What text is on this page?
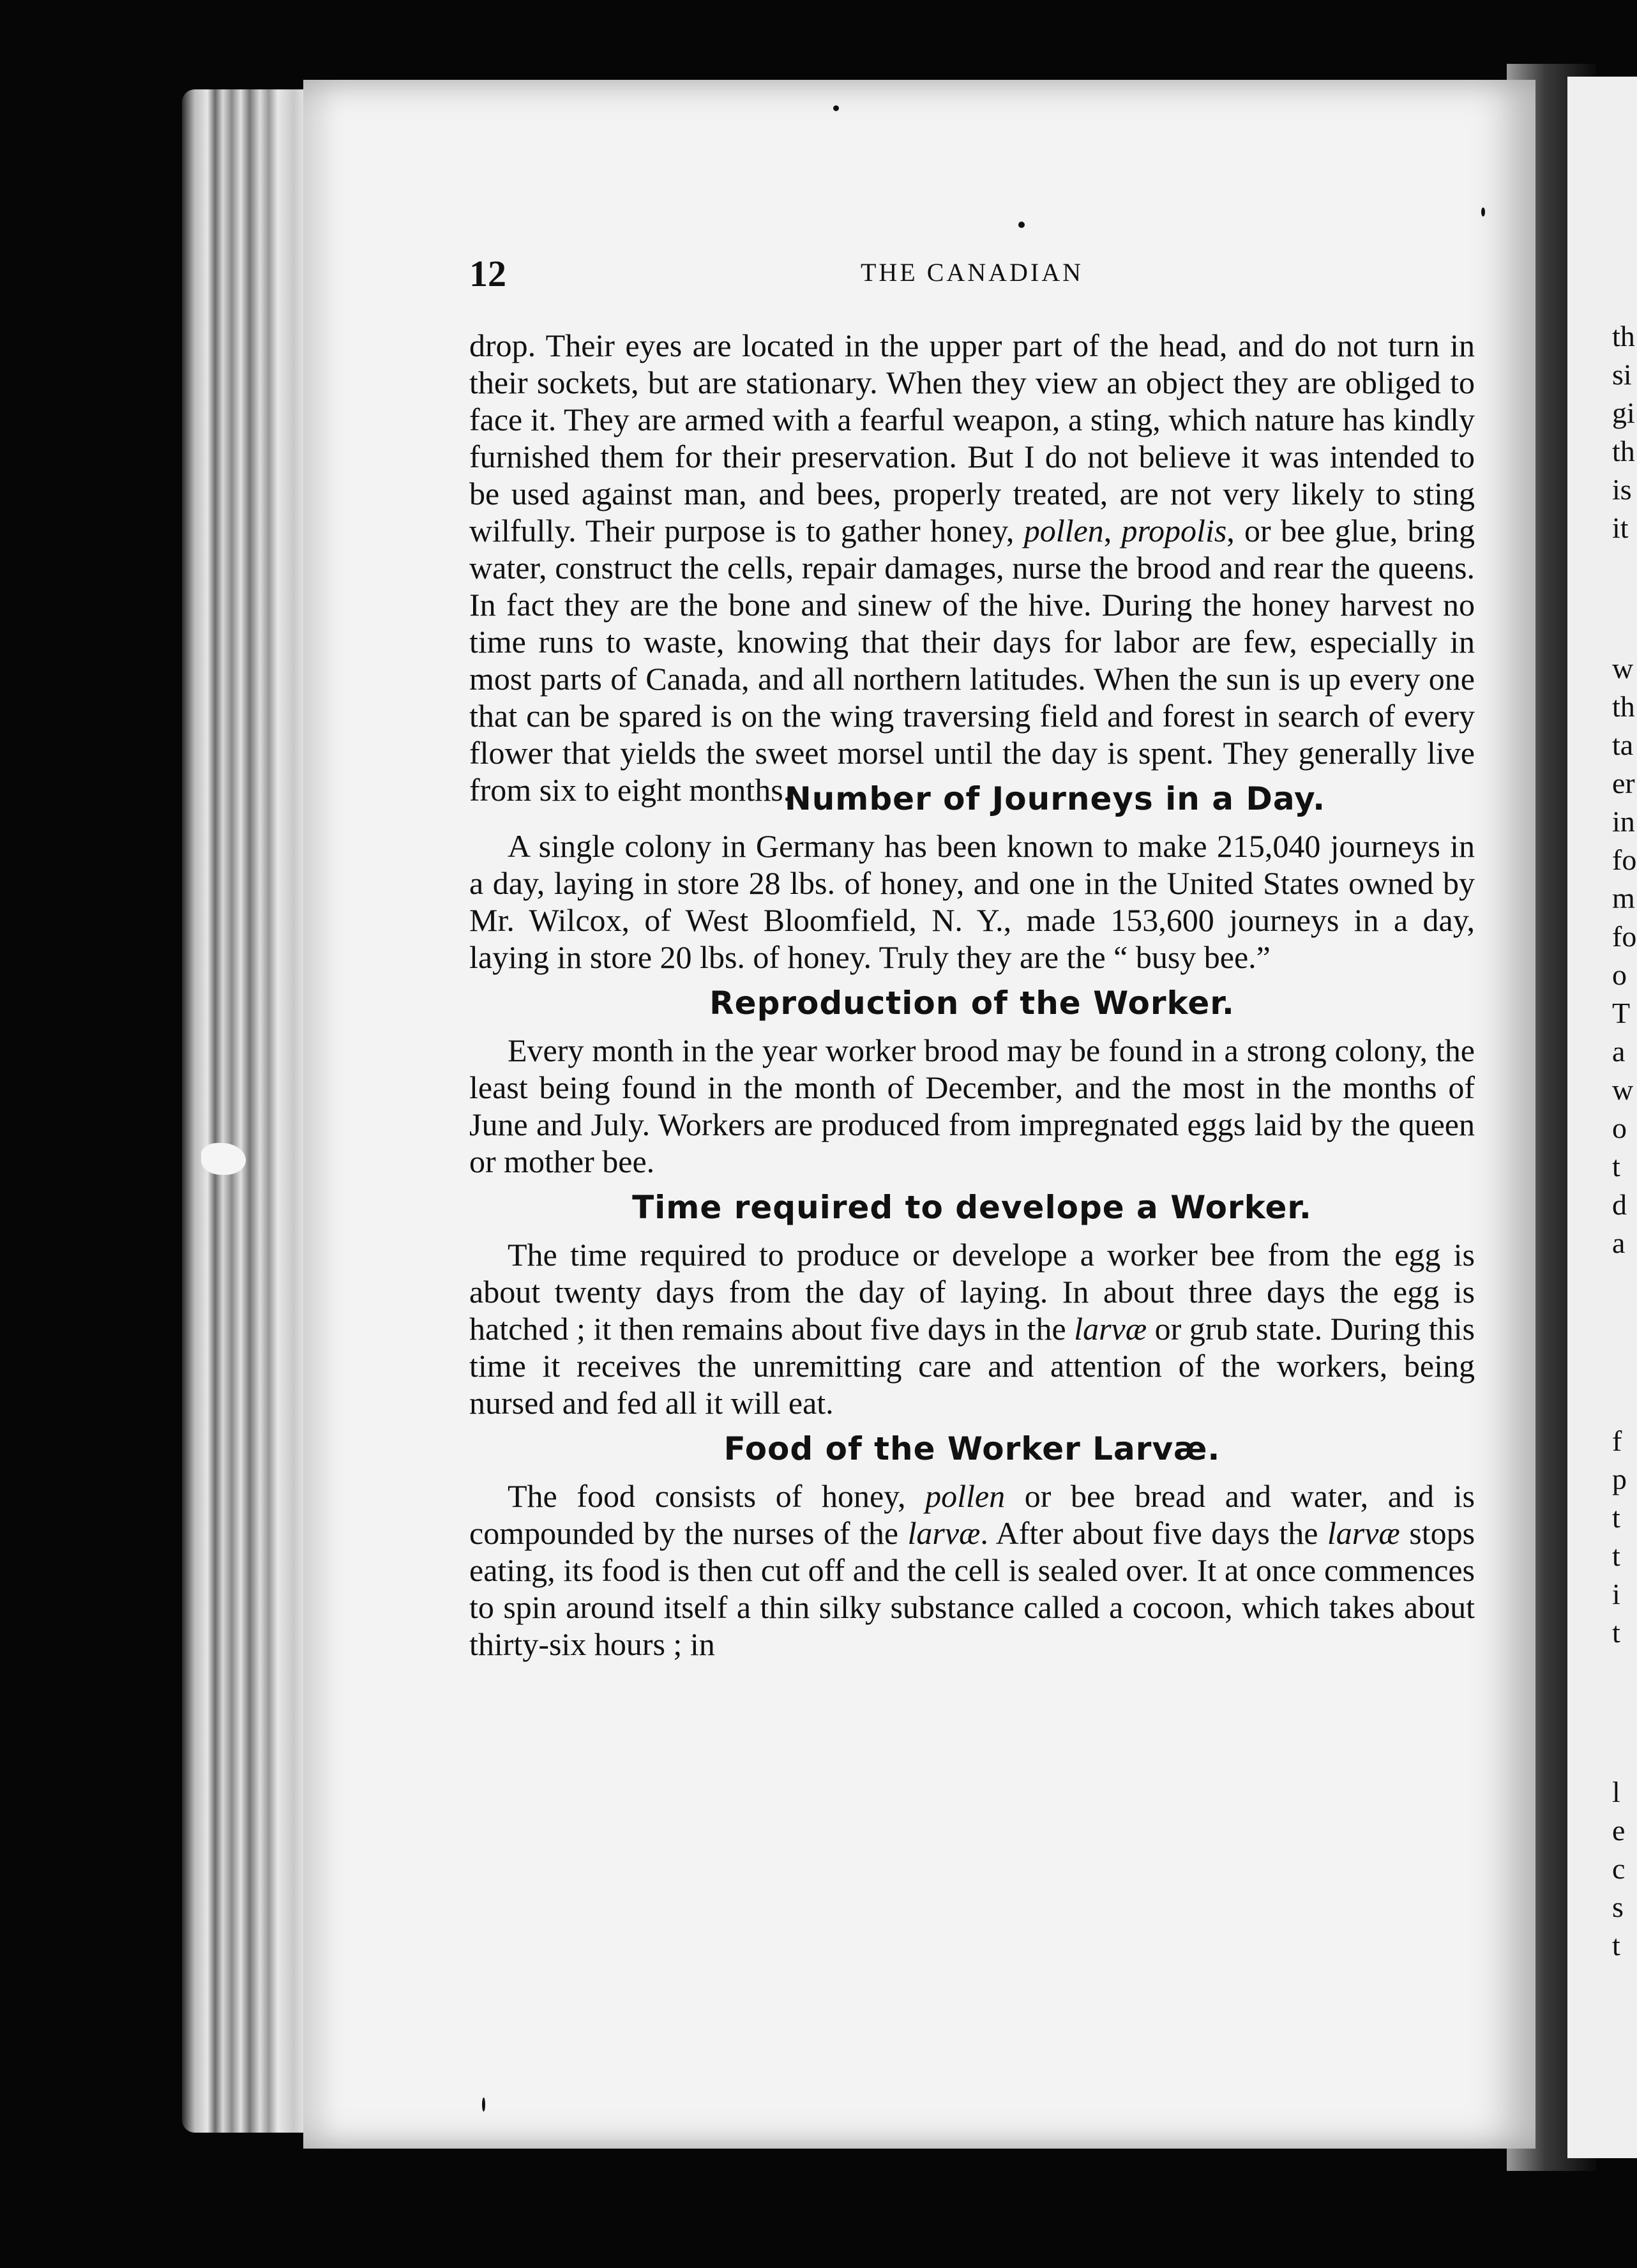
th
si
gi
th
is
it
w
th
ta
er
in
fo
m
fo
o
T
a
w
o
t
d
a
f
p
t
t
i
t
l
e
c
s
t
12	THE CANADIAN

drop. Their eyes are located in the upper part of the head, and do not turn in their sockets, but are stationary. When they view an object they are obliged to face it. They are armed with a fearful weapon, a sting, which nature has kindly furnished them for their preservation. But I do not believe it was intended to be used against man, and bees, properly treated, are not very likely to sting wilfully. Their purpose is to gather honey, pollen, propolis, or bee glue, bring water, construct the cells, repair damages, nurse the brood and rear the queens. In fact they are the bone and sinew of the hive. During the honey harvest no time runs to waste, knowing that their days for labor are few, especially in most parts of Canada, and all northern latitudes. When the sun is up every one that can be spared is on the wing traversing field and forest in search of every flower that yields the sweet morsel until the day is spent. They generally live from six to eight months.

Number of Journeys in a Day.

A single colony in Germany has been known to make 215,040 journeys in a day, laying in store 28 lbs. of honey, and one in the United States owned by Mr. Wilcox, of West Bloomfield, N. Y., made 153,600 journeys in a day, laying in store 20 lbs. of honey. Truly they are the “ busy bee.”

Reproduction of the Worker.

Every month in the year worker brood may be found in a strong colony, the least being found in the month of December, and the most in the months of June and July. Workers are produced from impregnated eggs laid by the queen or mother bee.

Time required to develope a Worker.

The time required to produce or develope a worker bee from the egg is about twenty days from the day of laying. In about three days the egg is hatched ; it then remains about five days in the larvæ or grub state. During this time it receives the unremitting care and attention of the workers, being nursed and fed all it will eat.

Food of the Worker Larvæ.

The food consists of honey, pollen or bee bread and water, and is compounded by the nurses of the larvæ. After about five days the larvæ stops eating, its food is then cut off and the cell is sealed over. It at once commences to spin around itself a thin silky substance called a cocoon, which takes about thirty-six hours ; in
